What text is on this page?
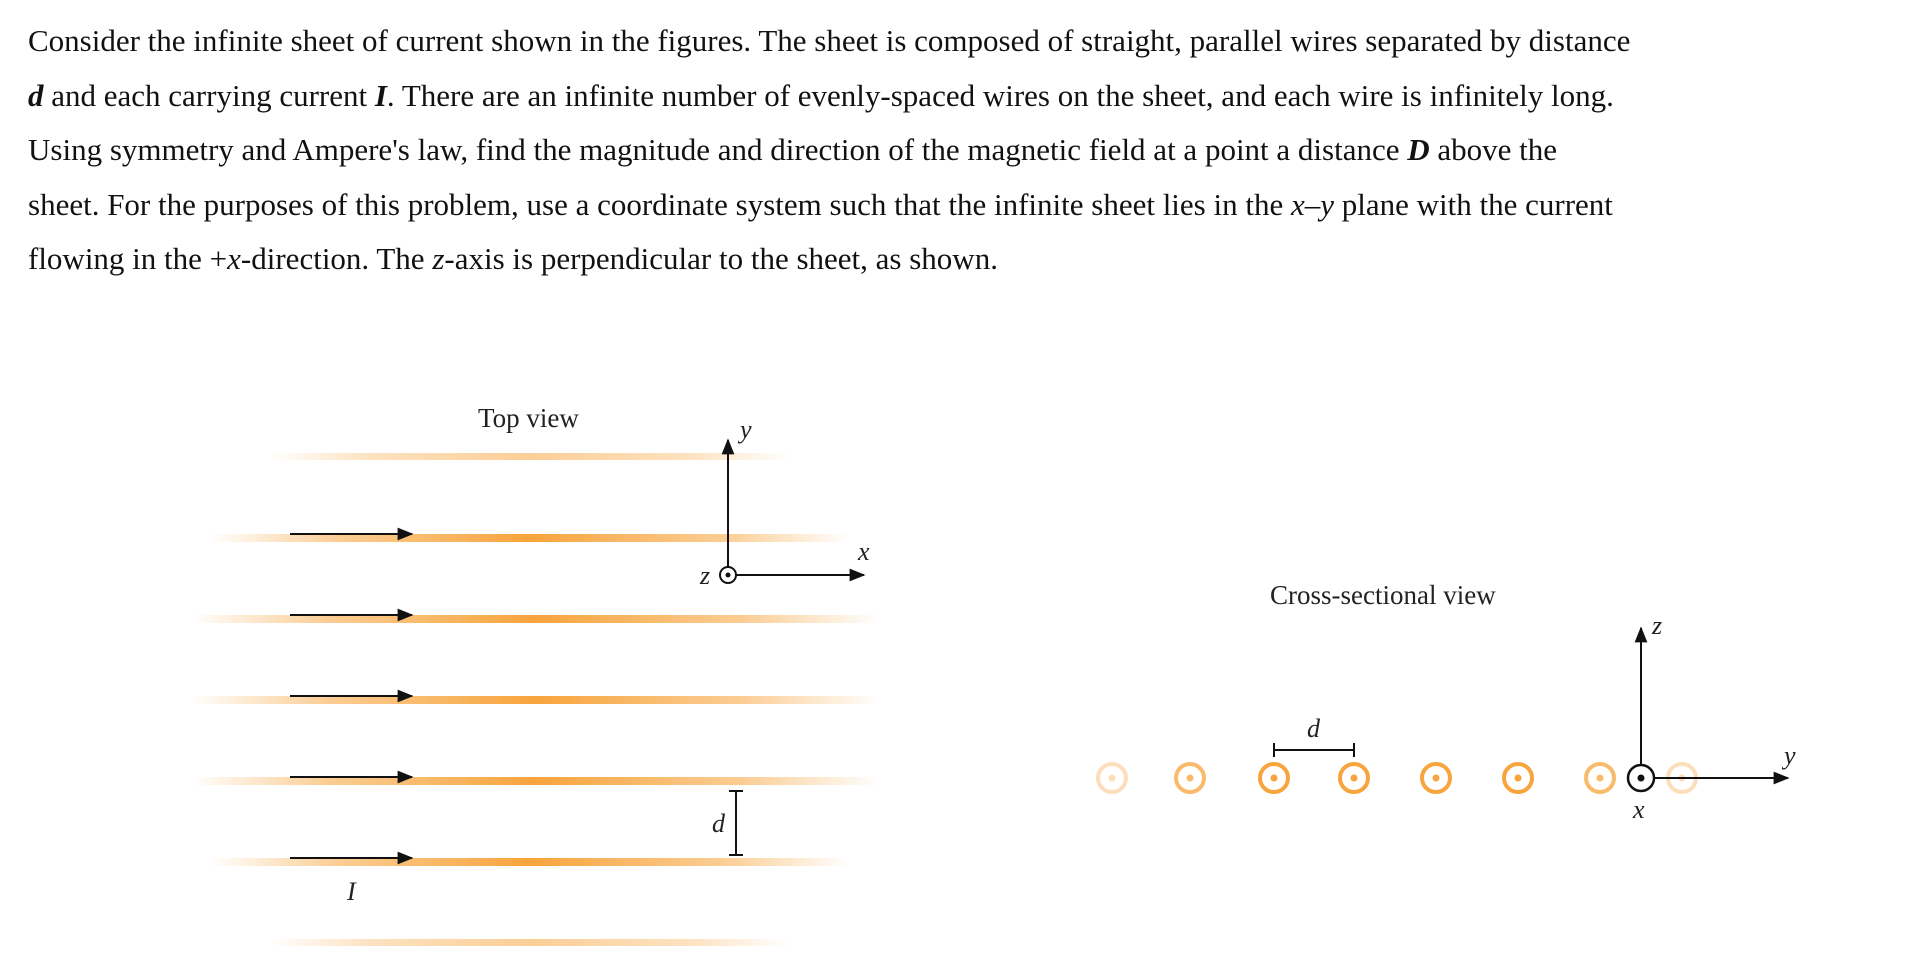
Consider the infinite sheet of current shown in the figures. The sheet is composed of straight, parallel wires separated by distance
d and each carrying current I. There are an infinite number of evenly-spaced wires on the sheet, and each wire is infinitely long.
Using symmetry and Ampere's law, find the magnitude and direction of the magnetic field at a point a distance D above the
sheet. For the purposes of this problem, use a coordinate system such that the infinite sheet lies in the x–y plane with the current
flowing in the +x-direction. The z-axis is perpendicular to the sheet, as shown.
Top view
I
y
x
z
d
Cross-sectional view
z
y
x
d
